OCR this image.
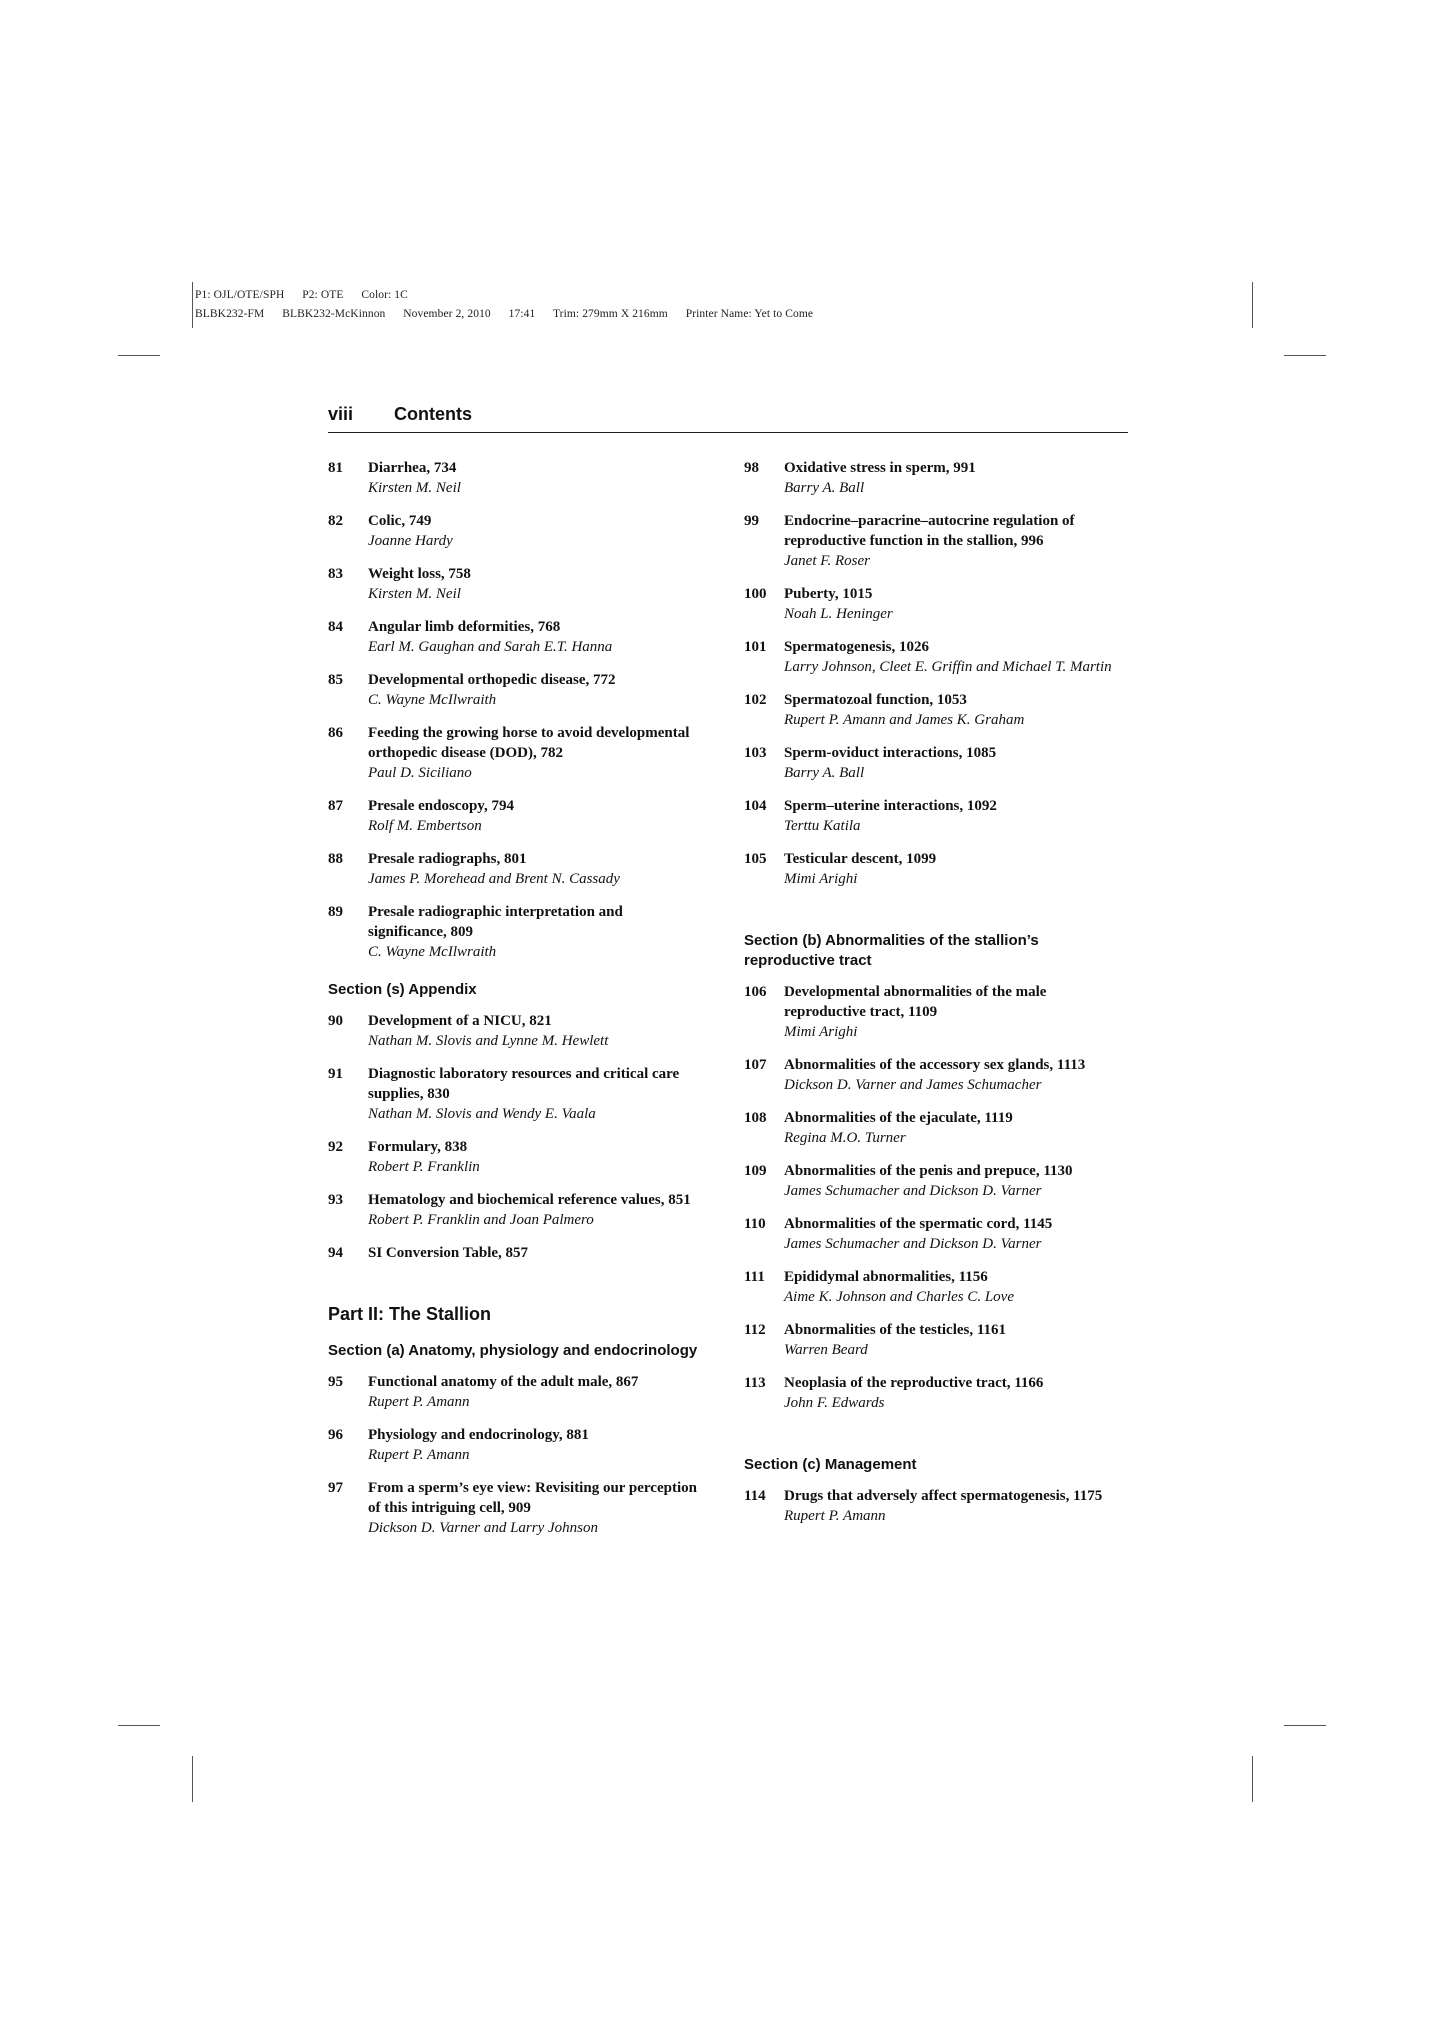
P1: OJL/OTE/SPH      P2: OTE      Color: 1C
BLBK232-FM      BLBK232-McKinnon      November 2, 2010      17:41      Trim: 279mm X 216mm      Printer Name: Yet to Come
viii Contents
81 Diarrhea, 734
Kirsten M. Neil
82 Colic, 749
Joanne Hardy
83 Weight loss, 758
Kirsten M. Neil
84 Angular limb deformities, 768
Earl M. Gaughan and Sarah E.T. Hanna
85 Developmental orthopedic disease, 772
C. Wayne McIlwraith
86 Feeding the growing horse to avoid developmental orthopedic disease (DOD), 782
Paul D. Siciliano
87 Presale endoscopy, 794
Rolf M. Embertson
88 Presale radiographs, 801
James P. Morehead and Brent N. Cassady
89 Presale radiographic interpretation and significance, 809
C. Wayne McIlwraith
Section (s) Appendix
90 Development of a NICU, 821
Nathan M. Slovis and Lynne M. Hewlett
91 Diagnostic laboratory resources and critical care supplies, 830
Nathan M. Slovis and Wendy E. Vaala
92 Formulary, 838
Robert P. Franklin
93 Hematology and biochemical reference values, 851
Robert P. Franklin and Joan Palmero
94 SI Conversion Table, 857
Part II: The Stallion
Section (a) Anatomy, physiology and endocrinology
95 Functional anatomy of the adult male, 867
Rupert P. Amann
96 Physiology and endocrinology, 881
Rupert P. Amann
97 From a sperm’s eye view: Revisiting our perception of this intriguing cell, 909
Dickson D. Varner and Larry Johnson
98 Oxidative stress in sperm, 991
Barry A. Ball
99 Endocrine–paracrine–autocrine regulation of reproductive function in the stallion, 996
Janet F. Roser
100 Puberty, 1015
Noah L. Heninger
101 Spermatogenesis, 1026
Larry Johnson, Cleet E. Griffin and Michael T. Martin
102 Spermatozoal function, 1053
Rupert P. Amann and James K. Graham
103 Sperm-oviduct interactions, 1085
Barry A. Ball
104 Sperm–uterine interactions, 1092
Terttu Katila
105 Testicular descent, 1099
Mimi Arighi
Section (b) Abnormalities of the stallion’s reproductive tract
106 Developmental abnormalities of the male reproductive tract, 1109
Mimi Arighi
107 Abnormalities of the accessory sex glands, 1113
Dickson D. Varner and James Schumacher
108 Abnormalities of the ejaculate, 1119
Regina M.O. Turner
109 Abnormalities of the penis and prepuce, 1130
James Schumacher and Dickson D. Varner
110 Abnormalities of the spermatic cord, 1145
James Schumacher and Dickson D. Varner
111 Epididymal abnormalities, 1156
Aime K. Johnson and Charles C. Love
112 Abnormalities of the testicles, 1161
Warren Beard
113 Neoplasia of the reproductive tract, 1166
John F. Edwards
Section (c) Management
114 Drugs that adversely affect spermatogenesis, 1175
Rupert P. Amann
